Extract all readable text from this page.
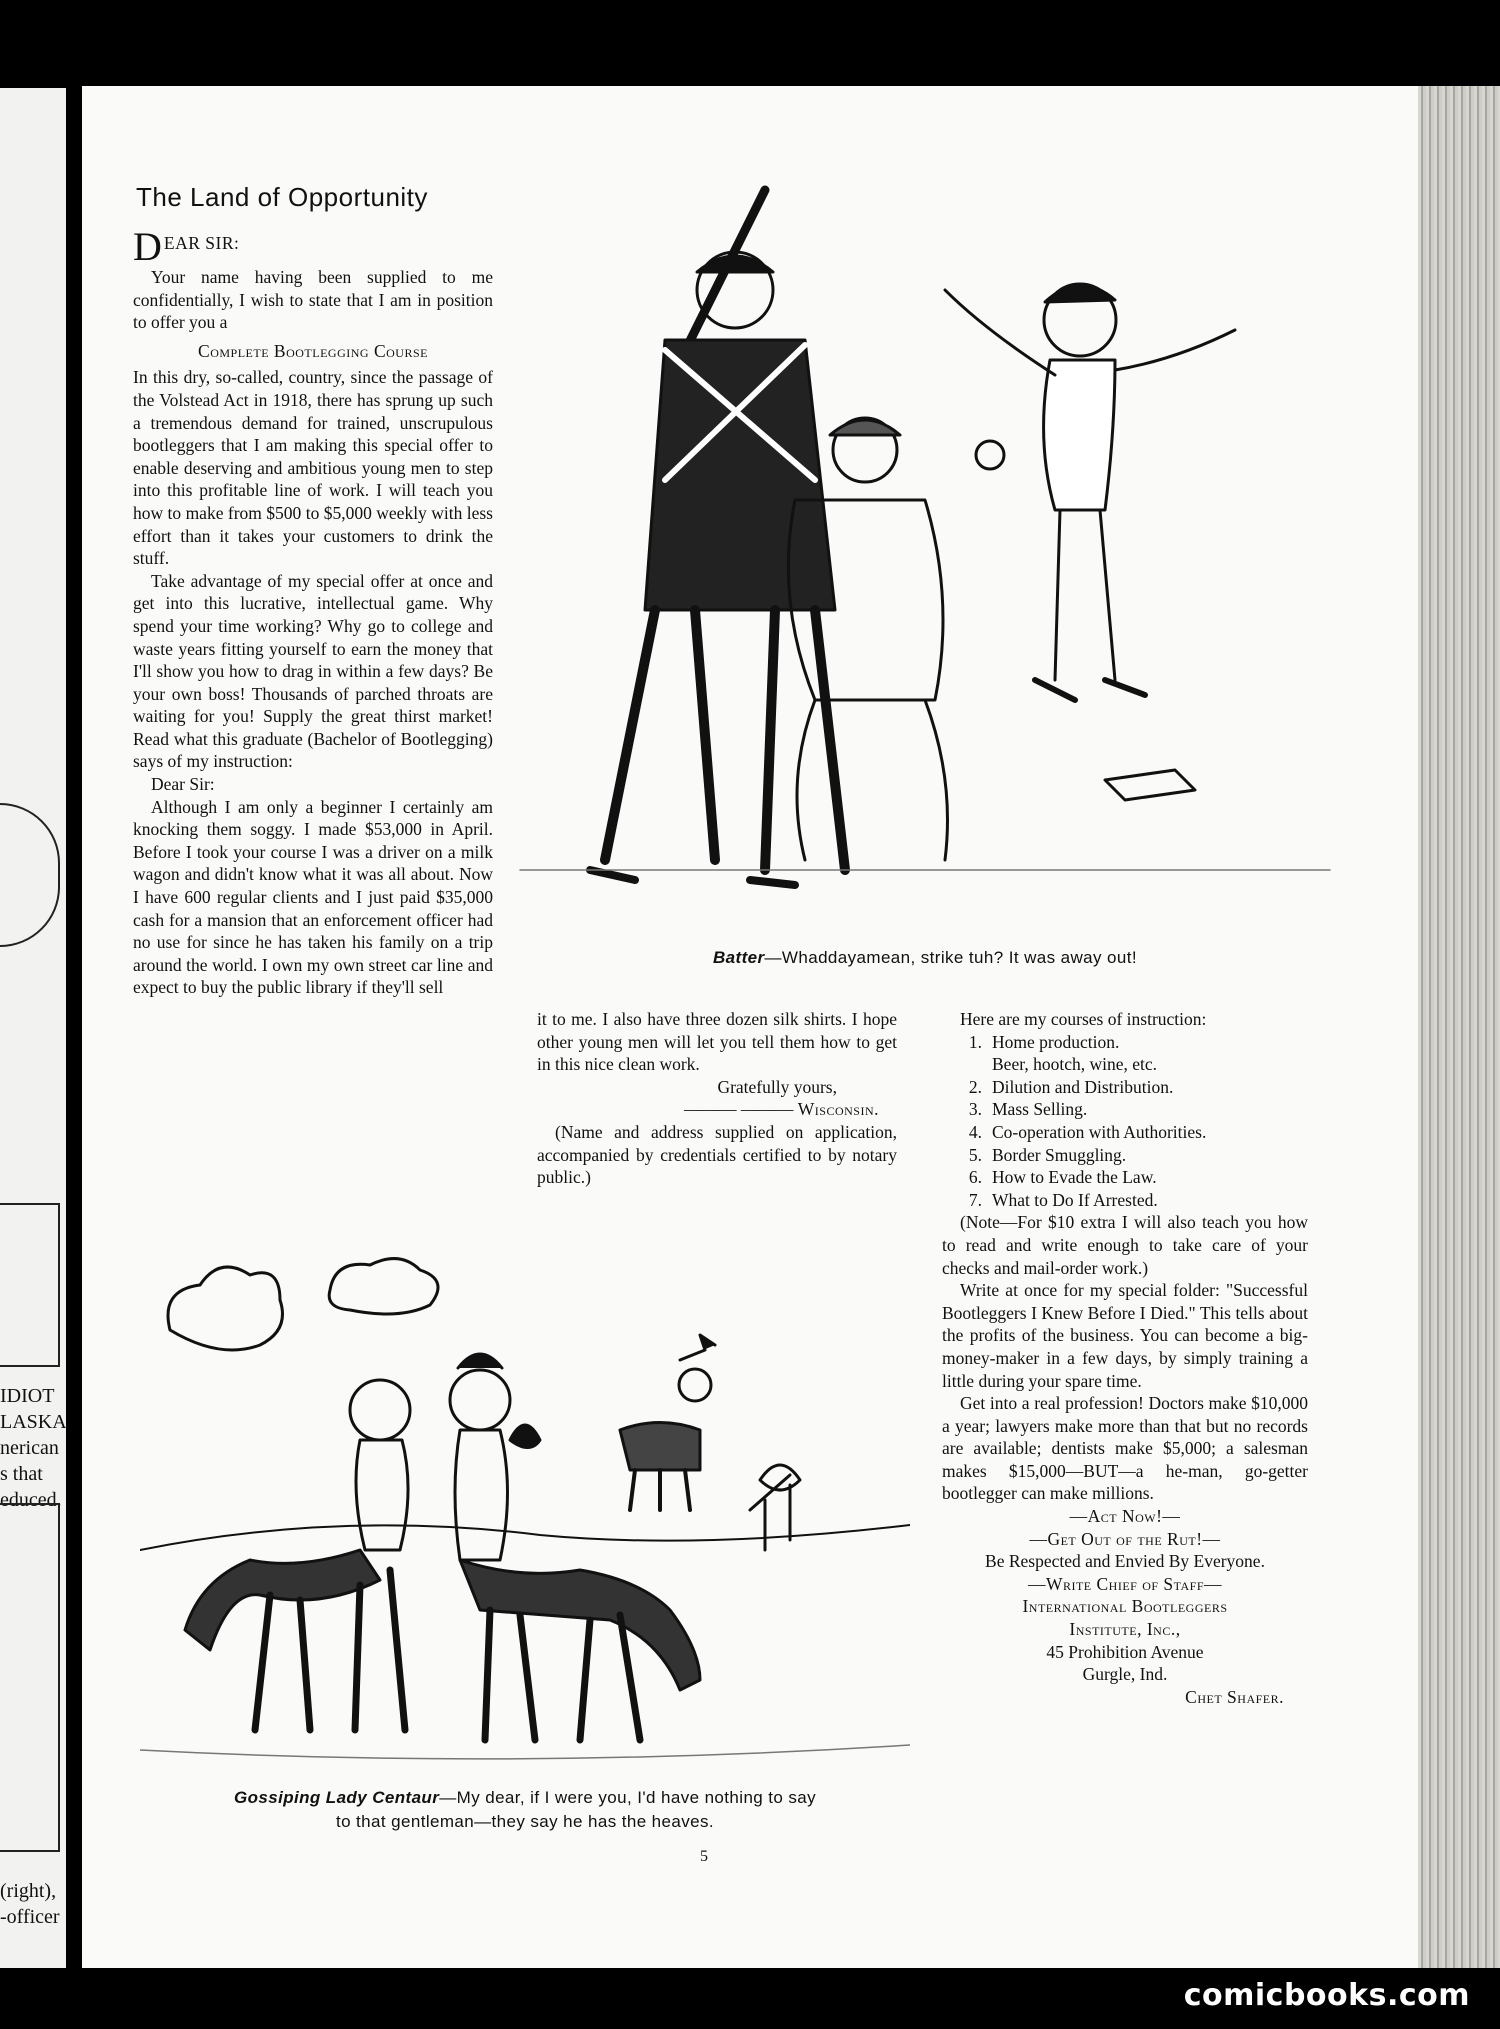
IDIOT
LASKA
nerican
s that
educed.
(right),
-officer
The Land of Opportunity
D EAR SIR:

Your name having been supplied to me confidentially, I wish to state that I am in position to offer you a

Complete Bootlegging Course

In this dry, so-called, country, since the passage of the Volstead Act in 1918, there has sprung up such a tremendous demand for trained, unscrupulous bootleggers that I am making this special offer to enable deserving and ambitious young men to step into this profitable line of work. I will teach you how to make from $500 to $5,000 weekly with less effort than it takes your customers to drink the stuff.

Take advantage of my special offer at once and get into this lucrative, intellectual game. Why spend your time working? Why go to college and waste years fitting yourself to earn the money that I'll show you how to drag in within a few days? Be your own boss! Thousands of parched throats are waiting for you! Supply the great thirst market! Read what this graduate (Bachelor of Bootlegging) says of my instruction:

Dear Sir:

Although I am only a beginner I certainly am knocking them soggy. I made $53,000 in April. Before I took your course I was a driver on a milk wagon and didn't know what it was all about. Now I have 600 regular clients and I just paid $35,000 cash for a mansion that an enforcement officer had no use for since he has taken his family on a trip around the world. I own my own street car line and expect to buy the public library if they'll sell

it to me. I also have three dozen silk shirts. I hope other young men will let you tell them how to get in this nice clean work.

Gratefully yours,

——— ——— Wisconsin.

(Name and address supplied on application, accompanied by credentials certified to by notary public.)

Here are my courses of instruction:

1. Home production.
Beer, hootch, wine, etc.
2. Dilution and Distribution.
3. Mass Selling.
4. Co-operation with Authorities.
5. Border Smuggling.
6. How to Evade the Law.
7. What to Do If Arrested.

(Note—For $10 extra I will also teach you how to read and write enough to take care of your checks and mail-order work.)

Write at once for my special folder: "Successful Bootleggers I Knew Before I Died." This tells about the profits of the business. You can become a big-money-maker in a few days, by simply training a little during your spare time.

Get into a real profession! Doctors make $10,000 a year; lawyers make more than that but no records are available; dentists make $5,000; a salesman makes $15,000—BUT—a he-man, go-getter bootlegger can make millions.

—Act Now!—

—Get Out of the Rut!—

Be Respected and Envied By Everyone.

—Write Chief of Staff—

International Bootleggers

Institute, Inc.,

45 Prohibition Avenue

Gurgle, Ind.

Chet Shafer.

Batter—Whaddayamean, strike tuh? It was away out!
Gossiping Lady Centaur—My dear, if I were you, I'd have nothing to say
to that gentleman—they say he has the heaves.
5
comicbooks.com
